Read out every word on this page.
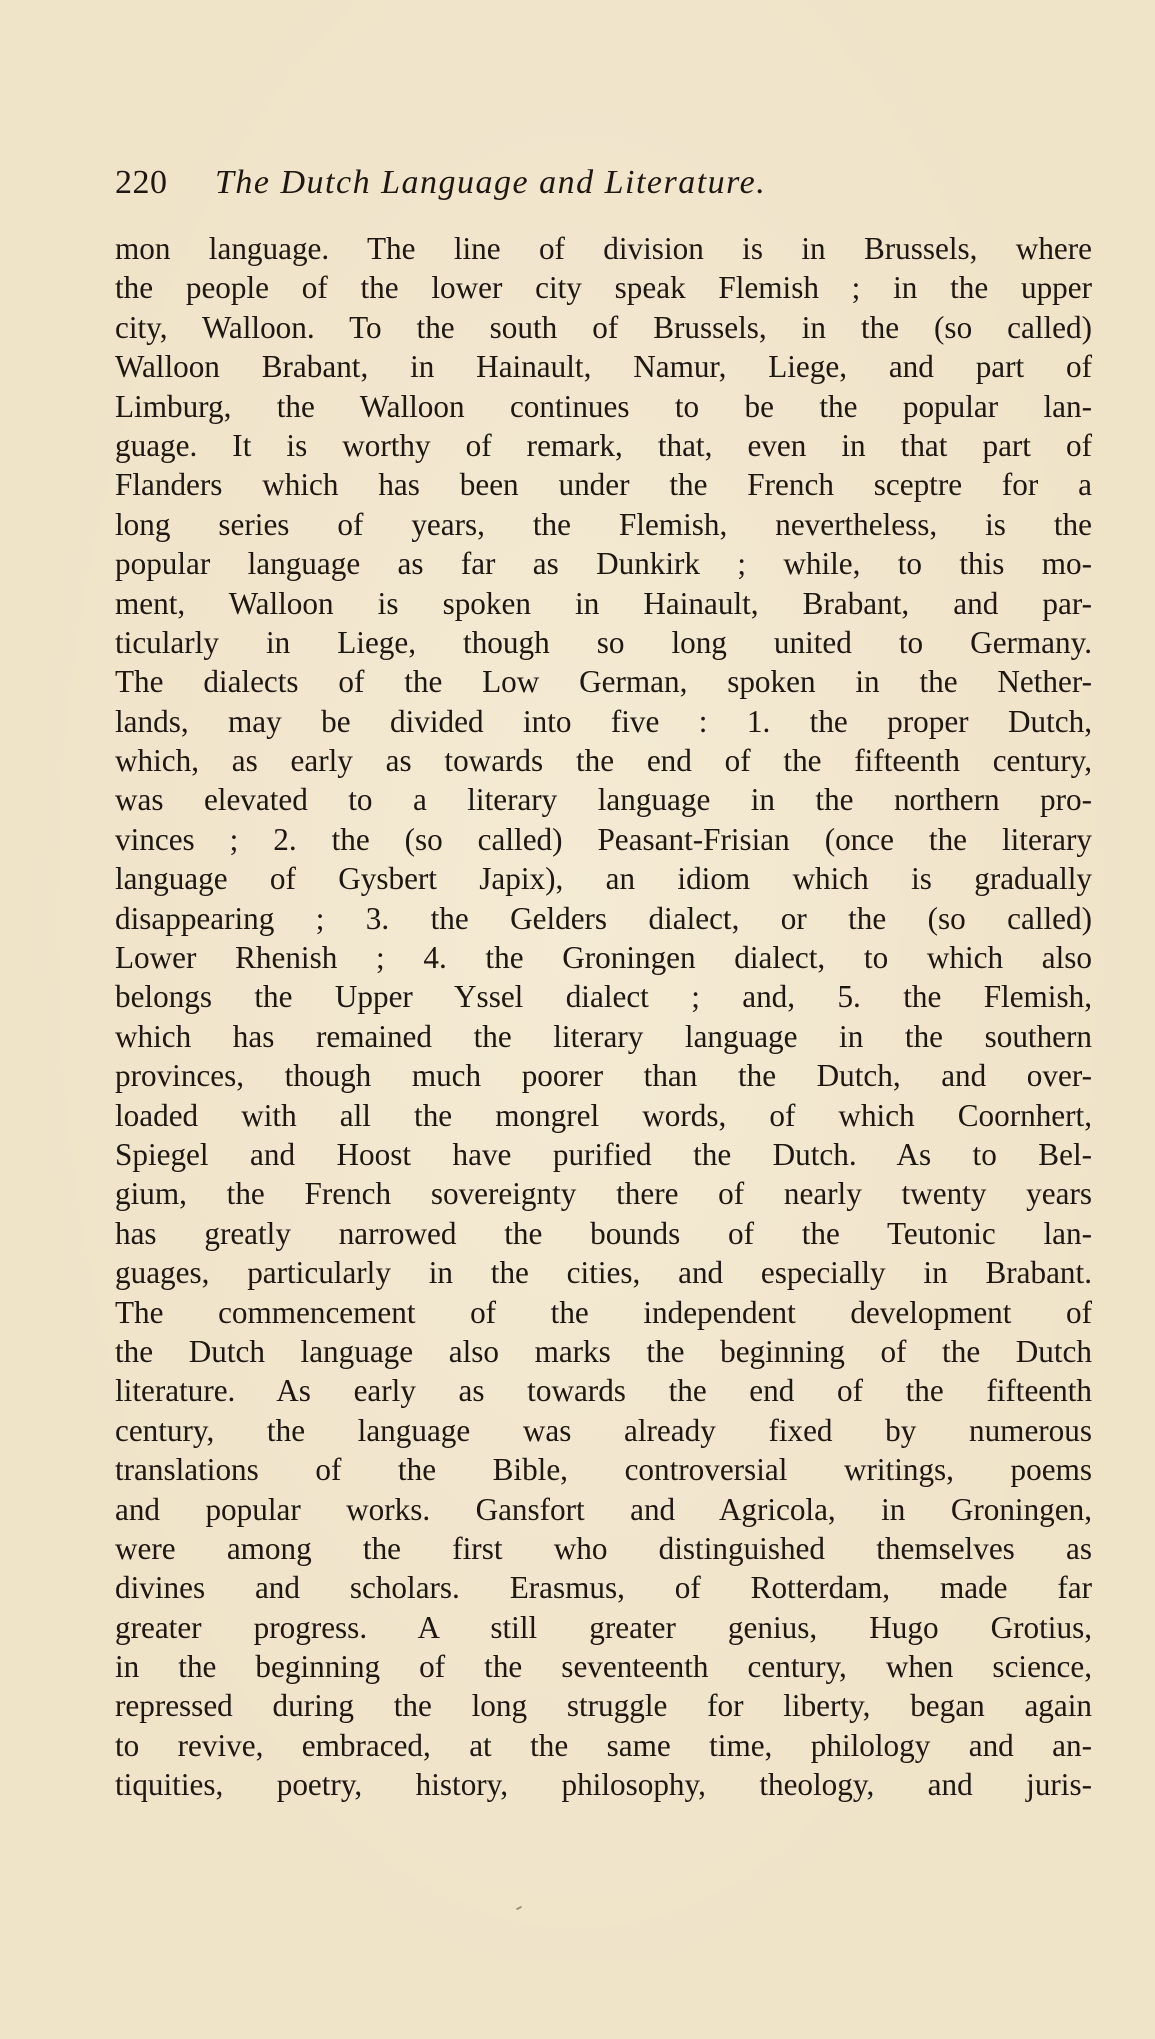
220 The Dutch Language and Literature.
mon language. The line of division is in Brussels, where
the people of the lower city speak Flemish ; in the upper
city, Walloon. To the south of Brussels, in the (so called)
Walloon Brabant, in Hainault, Namur, Liege, and part of
Limburg, the Walloon continues to be the popular lan-
guage. It is worthy of remark, that, even in that part of
Flanders which has been under the French sceptre for a
long series of years, the Flemish, nevertheless, is the
popular language as far as Dunkirk ; while, to this mo-
ment, Walloon is spoken in Hainault, Brabant, and par-
ticularly in Liege, though so long united to Germany.
The dialects of the Low German, spoken in the Nether-
lands, may be divided into five : 1. the proper Dutch,
which, as early as towards the end of the fifteenth century,
was elevated to a literary language in the northern pro-
vinces ; 2. the (so called) Peasant-Frisian (once the literary
language of Gysbert Japix), an idiom which is gradually
disappearing ; 3. the Gelders dialect, or the (so called)
Lower Rhenish ; 4. the Groningen dialect, to which also
belongs the Upper Yssel dialect ; and, 5. the Flemish,
which has remained the literary language in the southern
provinces, though much poorer than the Dutch, and over-
loaded with all the mongrel words, of which Coornhert,
Spiegel and Hoost have purified the Dutch. As to Bel-
gium, the French sovereignty there of nearly twenty years
has greatly narrowed the bounds of the Teutonic lan-
guages, particularly in the cities, and especially in Brabant.
The commencement of the independent development of
the Dutch language also marks the beginning of the Dutch
literature. As early as towards the end of the fifteenth
century, the language was already fixed by numerous
translations of the Bible, controversial writings, poems
and popular works. Gansfort and Agricola, in Groningen,
were among the first who distinguished themselves as
divines and scholars. Erasmus, of Rotterdam, made far
greater progress. A still greater genius, Hugo Grotius,
in the beginning of the seventeenth century, when science,
repressed during the long struggle for liberty, began again
to revive, embraced, at the same time, philology and an-
tiquities, poetry, history, philosophy, theology, and juris-
